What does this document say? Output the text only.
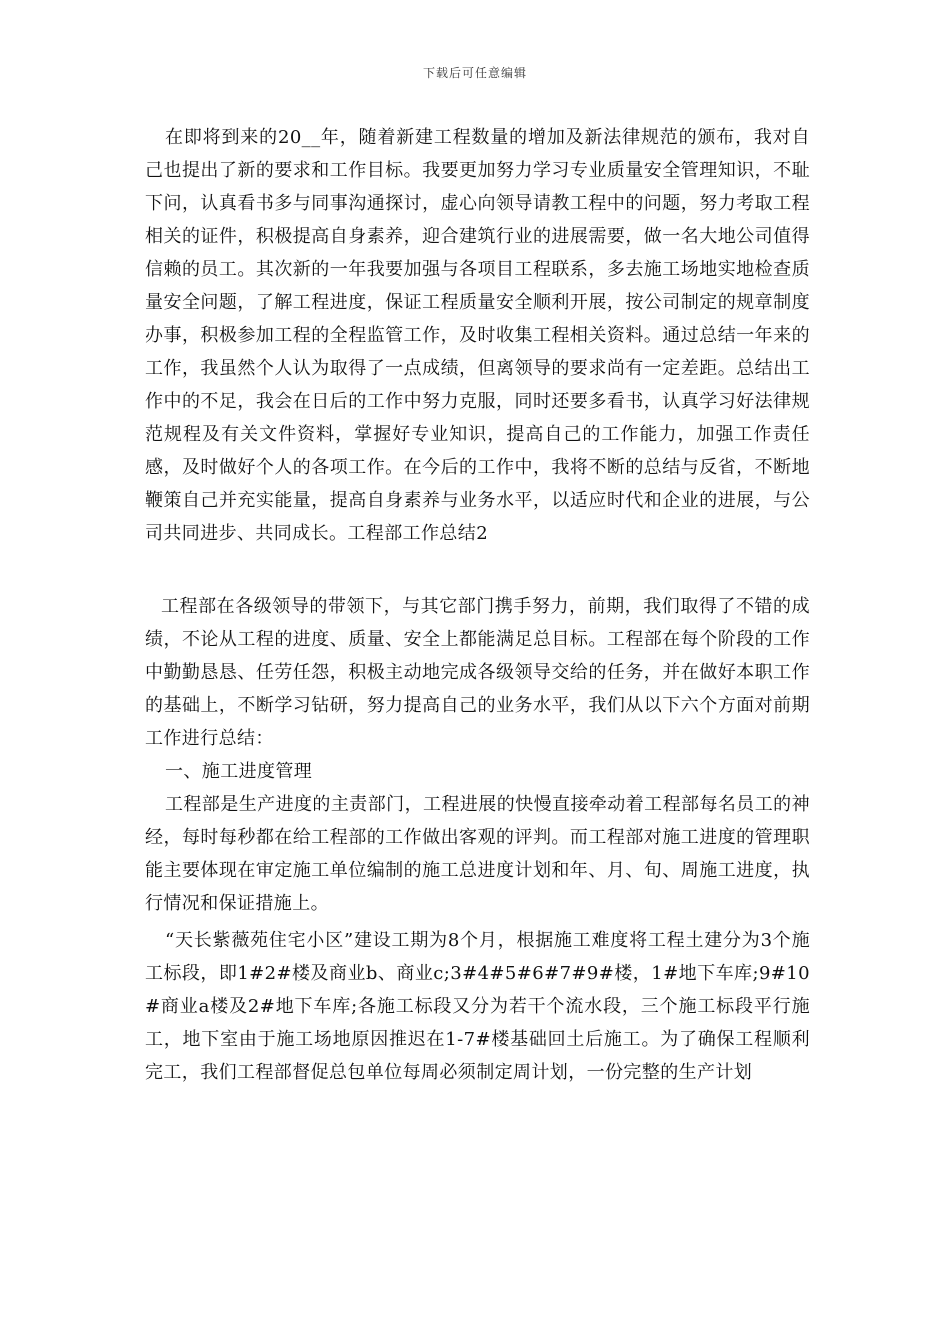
下载后可任意编辑

在即将到来的20__年，随着新建工程数量的增加及新法律规范的颁布，我对自己也提出了新的要求和工作目标。我要更加努力学习专业质量安全管理知识，不耻下问，认真看书多与同事沟通探讨，虚心向领导请教工程中的问题，努力考取工程相关的证件，积极提高自身素养，迎合建筑行业的进展需要，做一名大地公司值得信赖的员工。其次新的一年我要加强与各项目工程联系，多去施工场地实地检查质量安全问题，了解工程进度，保证工程质量安全顺利开展，按公司制定的规章制度办事，积极参加工程的全程监管工作，及时收集工程相关资料。通过总结一年来的工作，我虽然个人认为取得了一点成绩，但离领导的要求尚有一定差距。总结出工作中的不足，我会在日后的工作中努力克服，同时还要多看书，认真学习好法律规范规程及有关文件资料，掌握好专业知识，提高自己的工作能力，加强工作责任感，及时做好个人的各项工作。在今后的工作中，我将不断的总结与反省，不断地鞭策自己并充实能量，提高自身素养与业务水平，以适应时代和企业的进展，与公司共同进步、共同成长。工程部工作总结2

工程部在各级领导的带领下，与其它部门携手努力，前期，我们取得了不错的成绩，不论从工程的进度、质量、安全上都能满足总目标。工程部在每个阶段的工作中勤勤恳恳、任劳任怨，积极主动地完成各级领导交给的任务，并在做好本职工作的基础上，不断学习钻研，努力提高自己的业务水平，我们从以下六个方面对前期工作进行总结：

一、施工进度管理

工程部是生产进度的主责部门，工程进展的快慢直接牵动着工程部每名员工的神经，每时每秒都在给工程部的工作做出客观的评判。而工程部对施工进度的管理职能主要体现在审定施工单位编制的施工总进度计划和年、月、旬、周施工进度，执行情况和保证措施上。

“天长紫薇苑住宅小区”建设工期为8个月，根据施工难度将工程土建分为3个施工标段，即1#2#楼及商业b、商业c;3#4#5#6#7#9#楼，1#地下车库;9#10#商业a楼及2#地下车库;各施工标段又分为若干个流水段，三个施工标段平行施工，地下室由于施工场地原因推迟在1-7#楼基础回土后施工。为了确保工程顺利完工，我们工程部督促总包单位每周必须制定周计划，一份完整的生产计划
